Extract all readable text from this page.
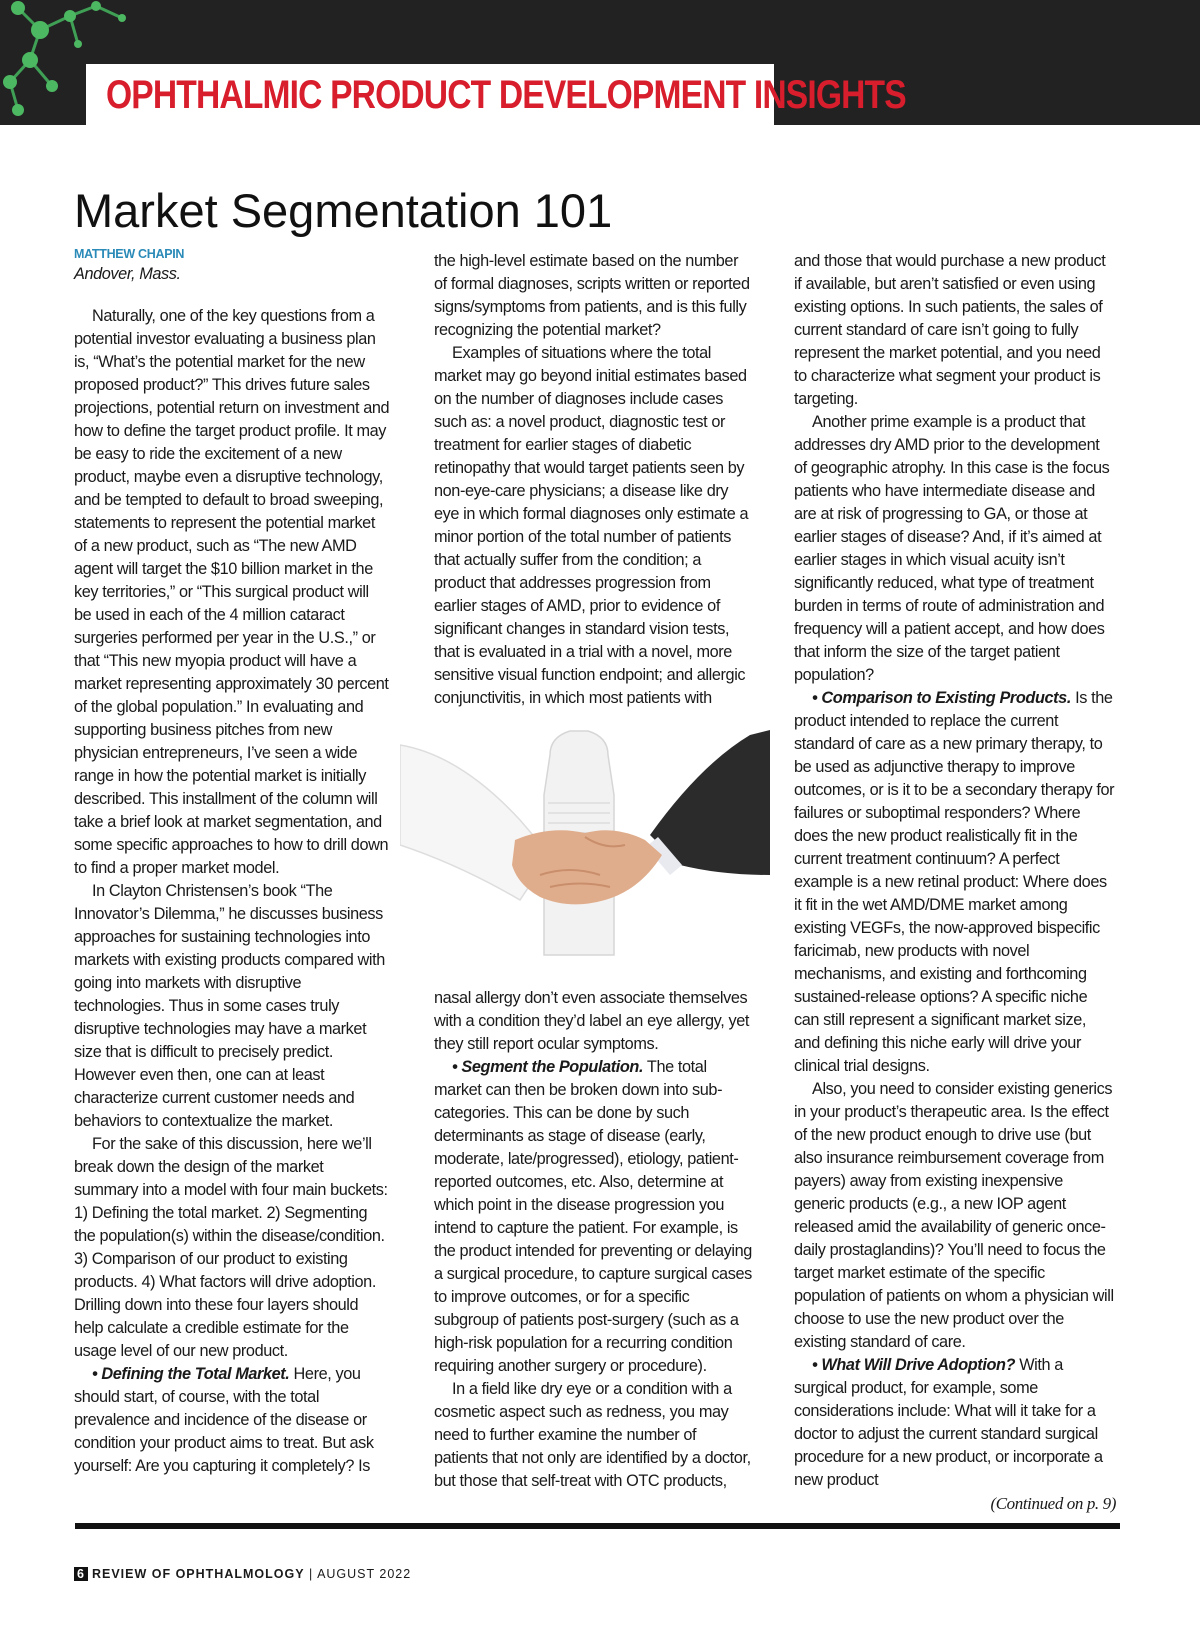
OPHTHALMIC PRODUCT DEVELOPMENT INSIGHTS
Market Segmentation 101
MATTHEW CHAPIN
Andover, Mass.

Naturally, one of the key questions from a potential investor evaluating a business plan is, “What’s the potential market for the new proposed product?” This drives future sales projections, potential return on investment and how to define the target product profile. It may be easy to ride the excitement of a new product, maybe even a disruptive technology, and be tempted to default to broad sweeping, statements to represent the potential market of a new product, such as “The new AMD agent will target the $10 billion market in the key territories,” or “This surgical product will be used in each of the 4 million cataract surgeries performed per year in the U.S.,” or that “This new myopia product will have a market representing approximately 30 percent of the global population.” In evaluating and supporting business pitches from new physician entrepreneurs, I’ve seen a wide range in how the potential market is initially described. This installment of the column will take a brief look at market segmentation, and some specific approaches to how to drill down to find a proper market model.

In Clayton Christensen’s book “The Innovator’s Dilemma,” he discusses business approaches for sustaining technologies into markets with existing products compared with going into markets with disruptive technologies. Thus in some cases truly disruptive technologies may have a market size that is difficult to precisely predict. However even then, one can at least characterize current customer needs and behaviors to contextualize the market.

For the sake of this discussion, here we’ll break down the design of the market summary into a model with four main buckets: 1) Defining the total market. 2) Segmenting the population(s) within the disease/condition. 3) Comparison of our product to existing products. 4) What factors will drive adoption. Drilling down into these four layers should help calculate a credible estimate for the usage level of our new product.

• Defining the Total Market. Here, you should start, of course, with the total prevalence and incidence of the disease or condition your product aims to treat. But ask yourself: Are you capturing it completely? Is

the high-level estimate based on the number of formal diagnoses, scripts written or reported signs/symptoms from patients, and is this fully recognizing the potential market?

Examples of situations where the total market may go beyond initial estimates based on the number of diagnoses include cases such as: a novel product, diagnostic test or treatment for earlier stages of diabetic retinopathy that would target patients seen by non-eye-care physicians; a disease like dry eye in which formal diagnoses only estimate a minor portion of the total number of patients that actually suffer from the condition; a product that addresses progression from earlier stages of AMD, prior to evidence of significant changes in standard vision tests, that is evaluated in a trial with a novel, more sensitive visual function endpoint; and allergic conjunctivitis, in which most patients with

nasal allergy don’t even associate themselves with a condition they’d label an eye allergy, yet they still report ocular symptoms.

• Segment the Population. The total market can then be broken down into sub-categories. This can be done by such determinants as stage of disease (early, moderate, late/progressed), etiology, patient-reported outcomes, etc. Also, determine at which point in the disease progression you intend to capture the patient. For example, is the product intended for preventing or delaying a surgical procedure, to capture surgical cases to improve outcomes, or for a specific subgroup of patients post-surgery (such as a high-risk population for a recurring condition requiring another surgery or procedure).

In a field like dry eye or a condition with a cosmetic aspect such as redness, you may need to further examine the number of patients that not only are identified by a doctor, but those that self-treat with OTC products,

and those that would purchase a new product if available, but aren’t satisfied or even using existing options. In such patients, the sales of current standard of care isn’t going to fully represent the market potential, and you need to characterize what segment your product is targeting.

Another prime example is a product that addresses dry AMD prior to the development of geographic atrophy. In this case is the focus patients who have intermediate disease and are at risk of progressing to GA, or those at earlier stages of disease? And, if it’s aimed at earlier stages in which visual acuity isn’t significantly reduced, what type of treatment burden in terms of route of administration and frequency will a patient accept, and how does that inform the size of the target patient population?

• Comparison to Existing Products. Is the product intended to replace the current standard of care as a new primary therapy, to be used as adjunctive therapy to improve outcomes, or is it to be a secondary therapy for failures or suboptimal responders? Where does the new product realistically fit in the current treatment continuum? A perfect example is a new retinal product: Where does it fit in the wet AMD/DME market among existing VEGFs, the now-approved bispecific faricimab, new products with novel mechanisms, and existing and forthcoming sustained-release options? A specific niche can still represent a significant market size, and defining this niche early will drive your clinical trial designs.

Also, you need to consider existing generics in your product’s therapeutic area. Is the effect of the new product enough to drive use (but also insurance reimbursement coverage from payers) away from existing inexpensive generic products (e.g., a new IOP agent released amid the availability of generic once-daily prostaglandins)? You’ll need to focus the target market estimate of the specific population of patients on whom a physician will choose to use the new product over the existing standard of care.

• What Will Drive Adoption? With a surgical product, for example, some considerations include: What will it take for a doctor to adjust the current standard surgical procedure for a new product, or incorporate a new product

(Continued on p. 9)
6 REVIEW OF OPHTHALMOLOGY | AUGUST 2022
